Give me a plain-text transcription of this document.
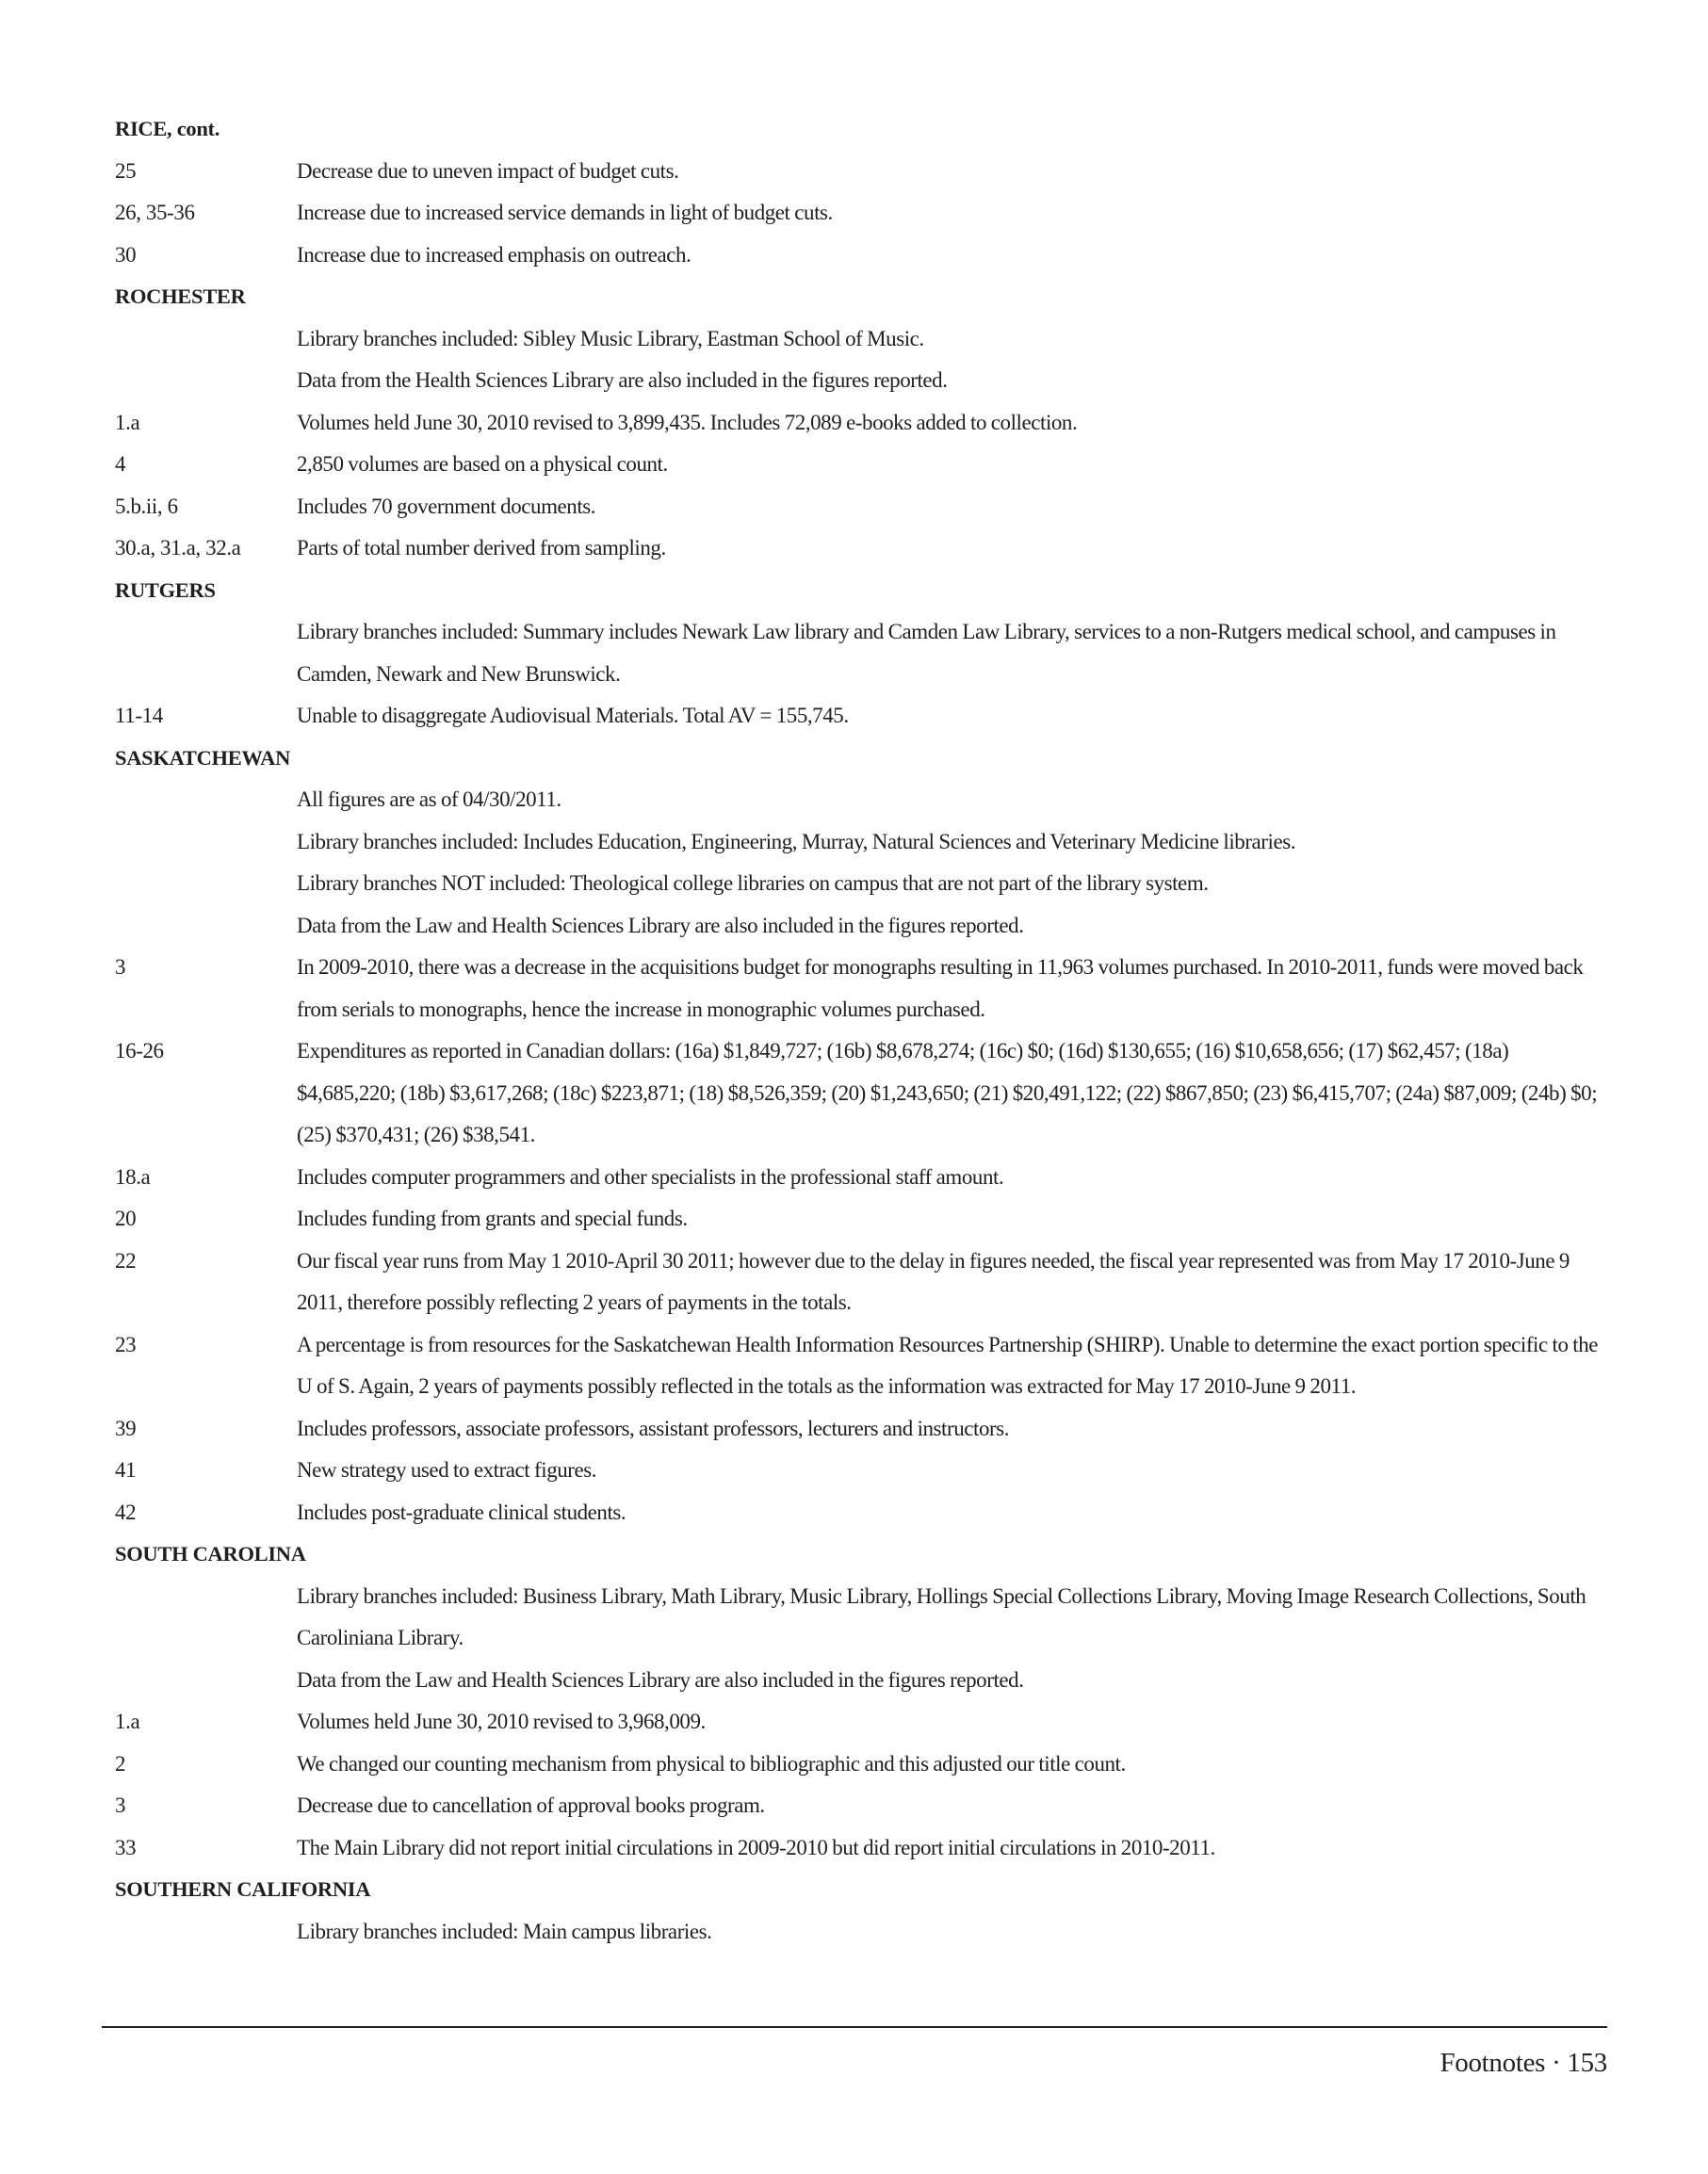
RICE, cont.
25	Decrease due to uneven impact of budget cuts.
26, 35-36	Increase due to increased service demands in light of budget cuts.
30	Increase due to increased emphasis on outreach.
ROCHESTER
Library branches included: Sibley Music Library, Eastman School of Music.
Data from the Health Sciences Library are also included in the figures reported.
1.a	Volumes held June 30, 2010 revised to 3,899,435. Includes 72,089 e-books added to collection.
4	2,850 volumes are based on a physical count.
5.b.ii, 6	Includes 70 government documents.
30.a, 31.a, 32.a	Parts of total number derived from sampling.
RUTGERS
Library branches included: Summary includes Newark Law library and Camden Law Library, services to a non-Rutgers medical school, and campuses in Camden, Newark and New Brunswick.
11-14	Unable to disaggregate Audiovisual Materials. Total AV = 155,745.
SASKATCHEWAN
All figures are as of 04/30/2011.
Library branches included: Includes Education, Engineering, Murray, Natural Sciences and Veterinary Medicine libraries.
Library branches NOT included: Theological college libraries on campus that are not part of the library system.
Data from the Law and Health Sciences Library are also included in the figures reported.
3	In 2009-2010, there was a decrease in the acquisitions budget for monographs resulting in 11,963 volumes purchased. In 2010-2011, funds were moved back from serials to monographs, hence the increase in monographic volumes purchased.
16-26	Expenditures as reported in Canadian dollars: (16a) $1,849,727; (16b) $8,678,274; (16c) $0; (16d) $130,655; (16) $10,658,656; (17) $62,457; (18a) $4,685,220; (18b) $3,617,268; (18c) $223,871; (18) $8,526,359; (20) $1,243,650; (21) $20,491,122; (22) $867,850; (23) $6,415,707; (24a) $87,009; (24b) $0; (25) $370,431; (26) $38,541.
18.a	Includes computer programmers and other specialists in the professional staff amount.
20	Includes funding from grants and special funds.
22	Our fiscal year runs from May 1 2010-April 30 2011; however due to the delay in figures needed, the fiscal year represented was from May 17 2010-June 9 2011, therefore possibly reflecting 2 years of payments in the totals.
23	A percentage is from resources for the Saskatchewan Health Information Resources Partnership (SHIRP). Unable to determine the exact portion specific to the U of S. Again, 2 years of payments possibly reflected in the totals as the information was extracted for May 17 2010-June 9 2011.
39	Includes professors, associate professors, assistant professors, lecturers and instructors.
41	New strategy used to extract figures.
42	Includes post-graduate clinical students.
SOUTH CAROLINA
Library branches included: Business Library, Math Library, Music Library, Hollings Special Collections Library, Moving Image Research Collections, South Caroliniana Library.
Data from the Law and Health Sciences Library are also included in the figures reported.
1.a	Volumes held June 30, 2010 revised to 3,968,009.
2	We changed our counting mechanism from physical to bibliographic and this adjusted our title count.
3	Decrease due to cancellation of approval books program.
33	The Main Library did not report initial circulations in 2009-2010 but did report initial circulations in 2010-2011.
SOUTHERN CALIFORNIA
Library branches included: Main campus libraries.
Footnotes · 153
